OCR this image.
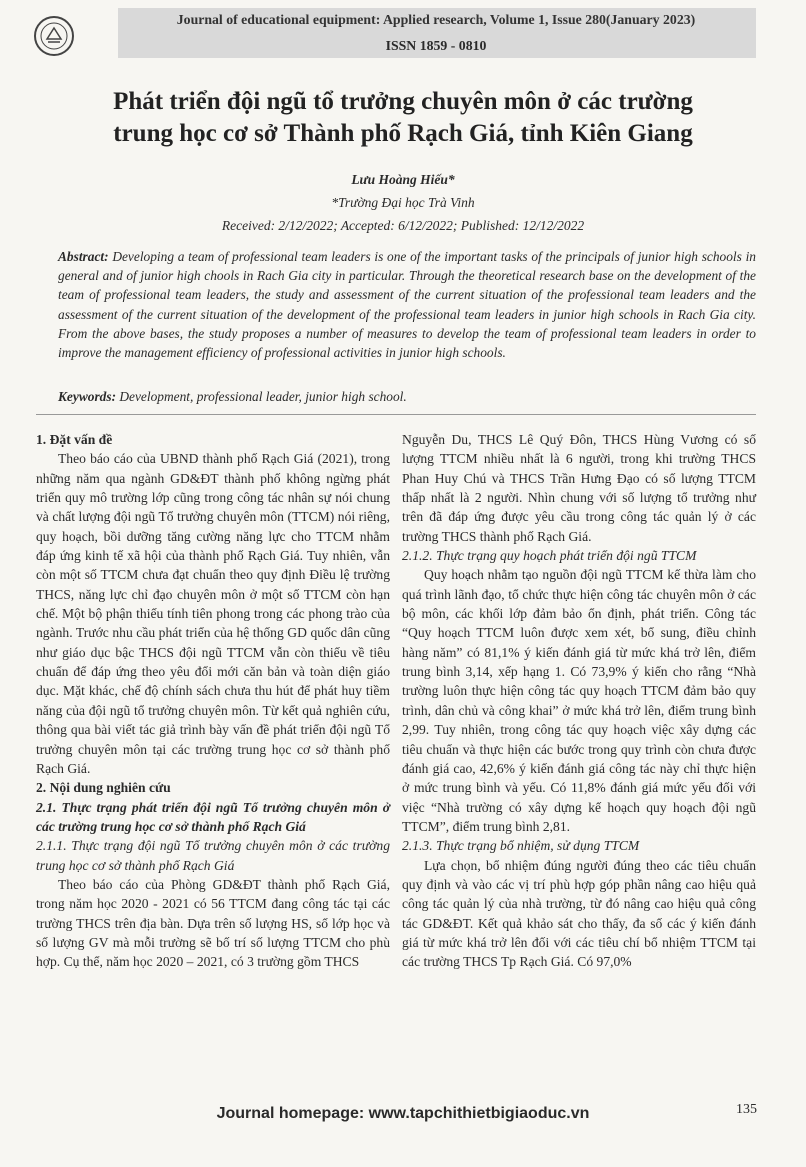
Journal of educational equipment: Applied research, Volume 1, Issue 280(January 2023)
ISSN 1859 - 0810
Phát triển đội ngũ tổ trưởng chuyên môn ở các trường
trung học cơ sở Thành phố Rạch Giá, tỉnh Kiên Giang
Lưu Hoàng Hiếu*
*Trường Đại học Trà Vinh
Received: 2/12/2022; Accepted: 6/12/2022; Published: 12/12/2022
Abstract: Developing a team of professional team leaders is one of the important tasks of the principals of junior high schools in general and of junior high chools in Rach Gia city in particular. Through the theoretical research base on the development of the team of professional team leaders, the study and assessment of the current situation of the professional team leaders and the assessment of the current situation of the development of the professional team leaders in junior high schools in Rach Gia city. From the above bases, the study proposes a number of measures to develop the team of professional team leaders in order to improve the management efficiency of professional activities in junior high schools.
Keywords: Development, professional leader, junior high school.

1. Đặt vấn đề

Theo báo cáo của UBND thành phố Rạch Giá (2021), trong những năm qua ngành GD&ĐT thành phố không ngừng phát triển quy mô trường lớp cũng trong công tác nhân sự nói chung và chất lượng đội ngũ Tổ trưởng chuyên môn (TTCM) nói riêng, quy hoạch, bồi dưỡng tăng cường năng lực cho TTCM nhằm đáp ứng kinh tế xã hội của thành phố Rạch Giá. Tuy nhiên, vẫn còn một số TTCM chưa đạt chuẩn theo quy định Điều lệ trường THCS, năng lực chỉ đạo chuyên môn ở một số TTCM còn hạn chế. Một bộ phận thiếu tính tiên phong trong các phong trào của ngành. Trước nhu cầu phát triển của hệ thống GD quốc dân cũng như giáo dục bậc THCS đội ngũ TTCM vẫn còn thiếu về tiêu chuẩn để đáp ứng theo yêu đổi mới căn bản và toàn diện giáo dục. Mặt khác, chế độ chính sách chưa thu hút để phát huy tiềm năng của đội ngũ tổ trưởng chuyên môn. Từ kết quả nghiên cứu, thông qua bài viết tác giả trình bày vấn đề phát triển đội ngũ Tổ trưởng chuyên môn tại các trường trung học cơ sở thành phố Rạch Giá.

2. Nội dung nghiên cứu

2.1. Thực trạng phát triển đội ngũ Tổ trưởng chuyên môn ở các trường trung học cơ sở thành phố Rạch Giá

2.1.1. Thực trạng đội ngũ Tổ trưởng chuyên môn ở các trường trung học cơ sở thành phố Rạch Giá

Theo báo cáo của Phòng GD&ĐT thành phố Rạch Giá, trong năm học 2020 - 2021 có 56 TTCM đang công tác tại các trường THCS trên địa bàn. Dựa trên số lượng HS, số lớp học và số lượng GV mà mỗi trường sẽ bố trí số lượng TTCM cho phù hợp. Cụ thể, năm học 2020 – 2021, có 3 trường gồm THCS

Nguyễn Du, THCS Lê Quý Đôn, THCS Hùng Vương có số lượng TTCM nhiều nhất là 6 người, trong khi trường THCS Phan Huy Chú và THCS Trần Hưng Đạo có số lượng TTCM thấp nhất là 2 người. Nhìn chung với số lượng tổ trưởng như trên đã đáp ứng được yêu cầu trong công tác quản lý ở các trường THCS thành phố Rạch Giá.

2.1.2. Thực trạng quy hoạch phát triển đội ngũ TTCM

Quy hoạch nhằm tạo nguồn đội ngũ TTCM kế thừa làm cho quá trình lãnh đạo, tổ chức thực hiện công tác chuyên môn ở các bộ môn, các khối lớp đảm bảo ổn định, phát triển. Công tác “Quy hoạch TTCM luôn được xem xét, bổ sung, điều chỉnh hàng năm” có 81,1% ý kiến đánh giá từ mức khá trở lên, điểm trung bình 3,14, xếp hạng 1. Có 73,9% ý kiến cho rằng “Nhà trường luôn thực hiện công tác quy hoạch TTCM đảm bảo quy trình, dân chủ và công khai” ở mức khá trở lên, điểm trung bình 2,99. Tuy nhiên, trong công tác quy hoạch việc xây dựng các tiêu chuẩn và thực hiện các bước trong quy trình còn chưa được đánh giá cao, 42,6% ý kiến đánh giá công tác này chỉ thực hiện ở mức trung bình và yếu. Có 11,8% đánh giá mức yếu đối với việc “Nhà trường có xây dựng kế hoạch quy hoạch đội ngũ TTCM”, điểm trung bình 2,81.

2.1.3. Thực trạng bổ nhiệm, sử dụng TTCM

Lựa chọn, bổ nhiệm đúng người đúng theo các tiêu chuẩn quy định và vào các vị trí phù hợp góp phần nâng cao hiệu quả công tác quản lý của nhà trường, từ đó nâng cao hiệu quả công tác GD&ĐT. Kết quả khảo sát cho thấy, đa số các ý kiến đánh giá từ mức khá trở lên đối với các tiêu chí bổ nhiệm TTCM tại các trường THCS Tp Rạch Giá. Có 97,0%

Journal homepage: www.tapchithietbigiaoduc.vn	135
